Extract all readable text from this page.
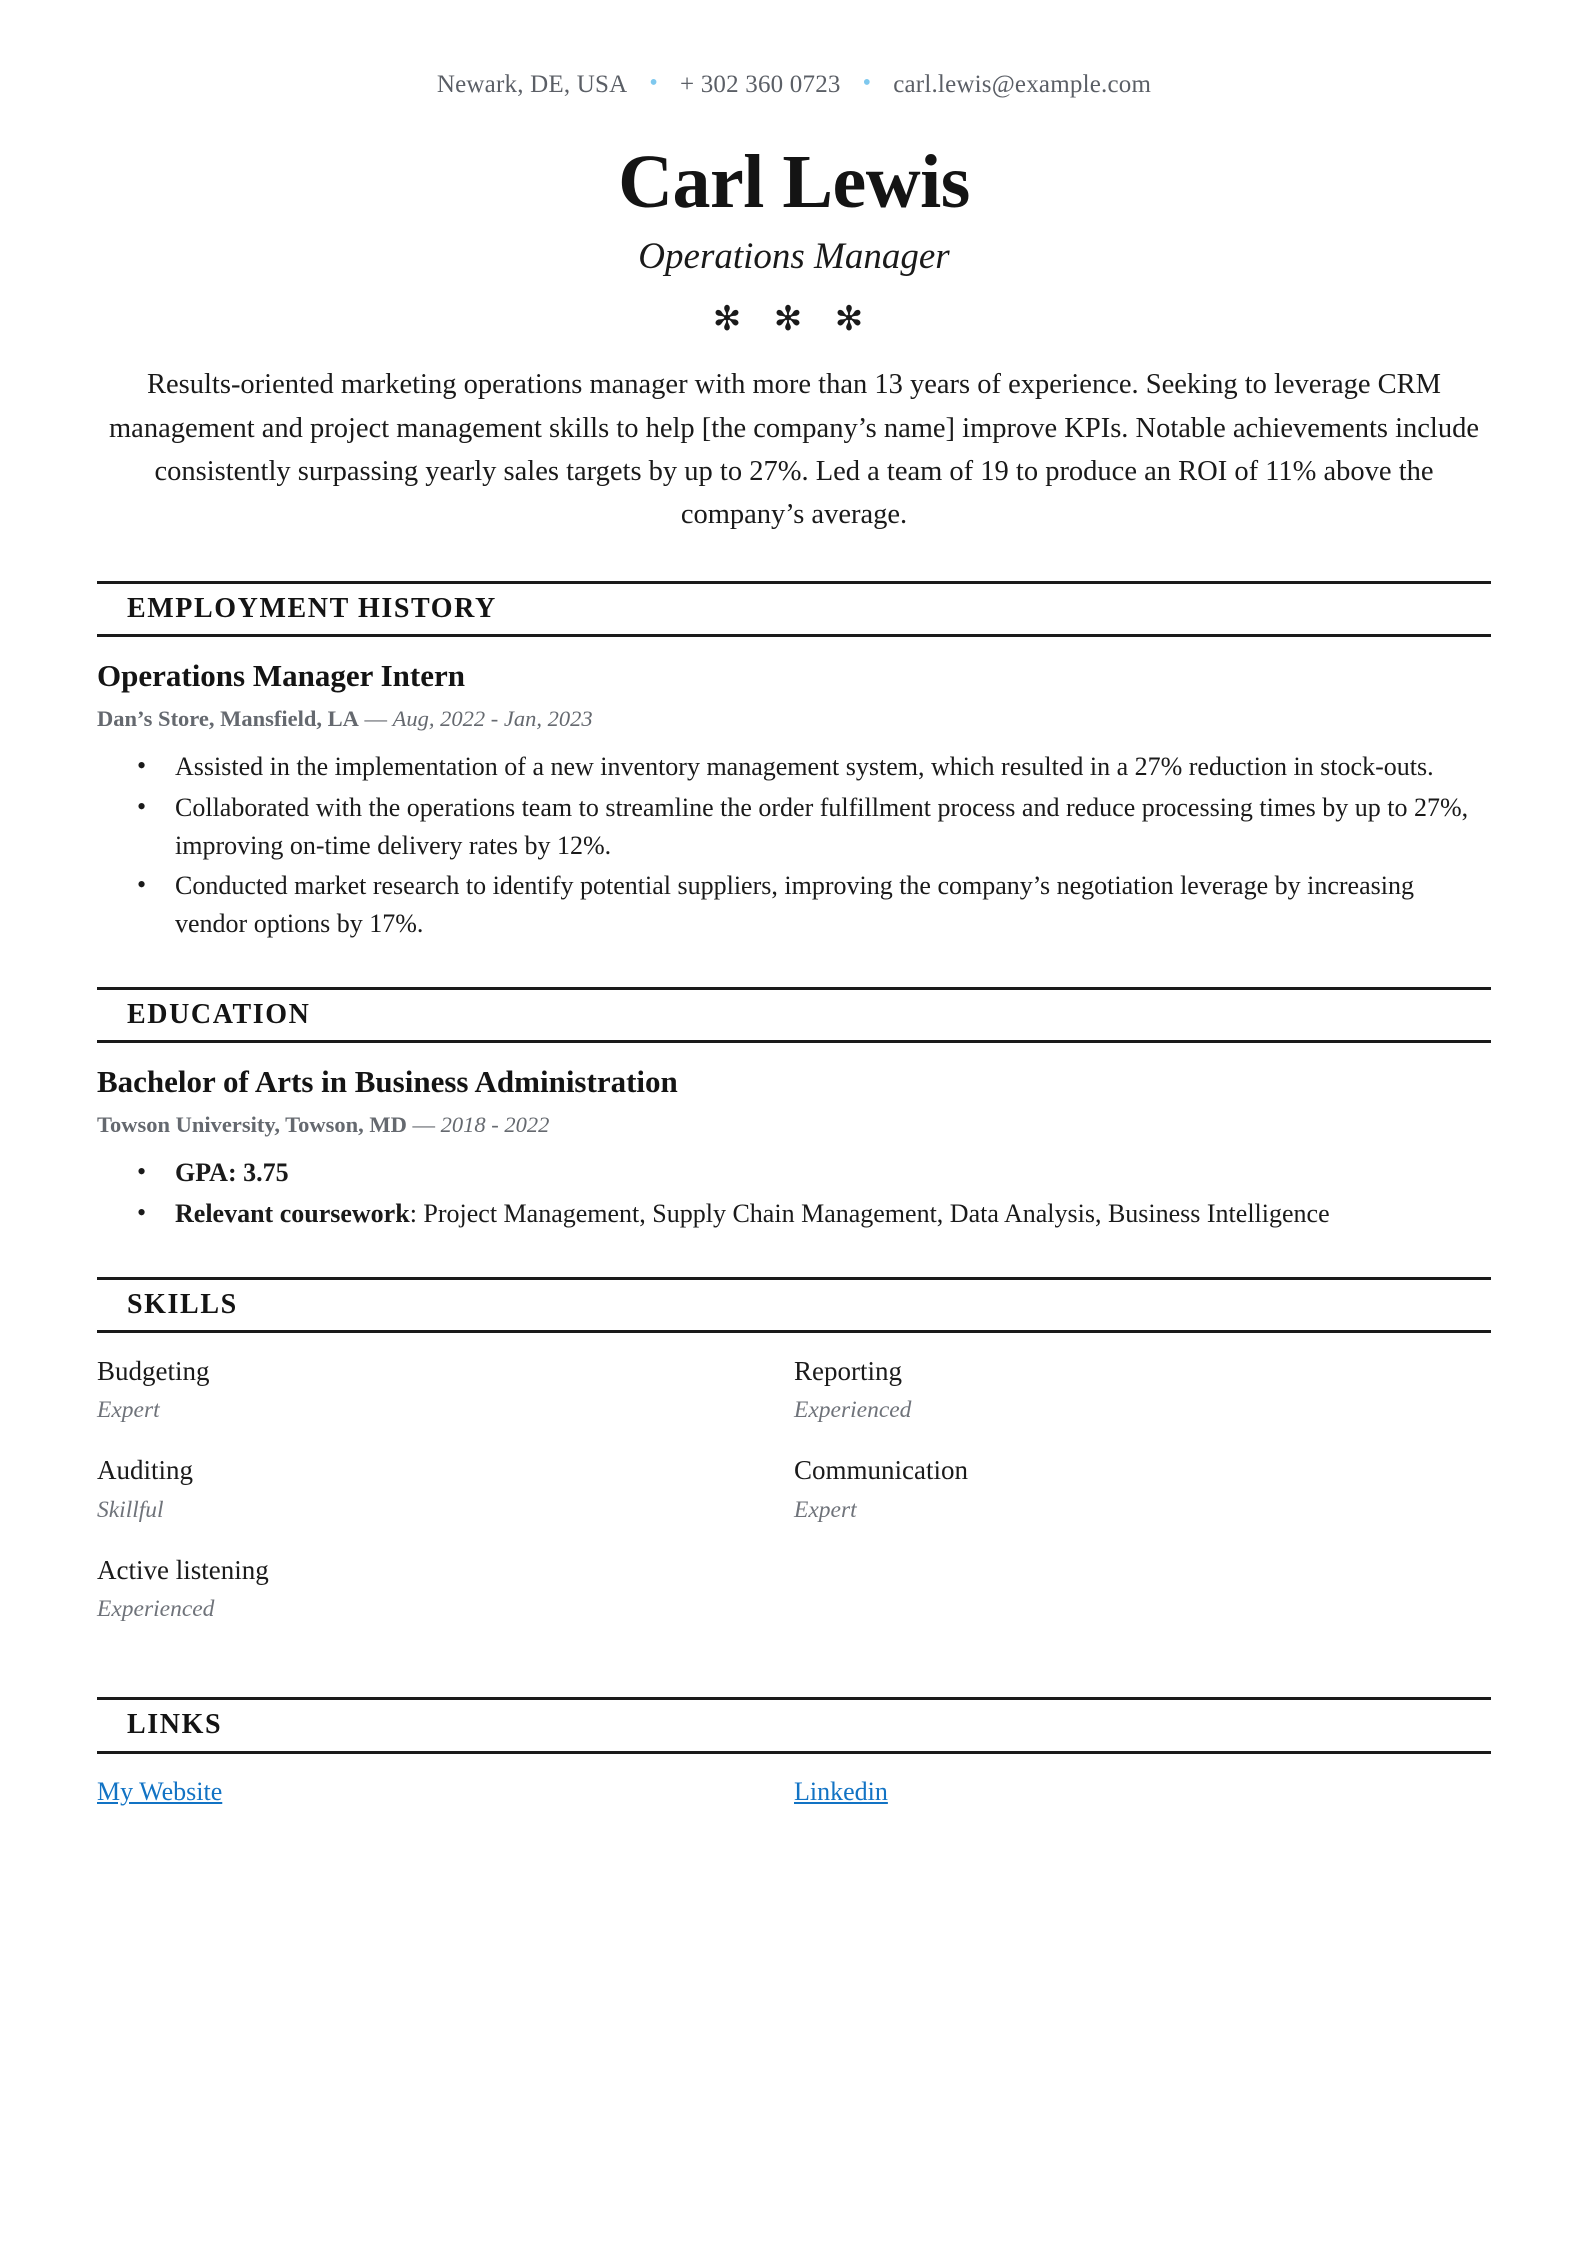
Newark, DE, USA • + 302 360 0723 • carl.lewis@example.com
Carl Lewis
Operations Manager
✻ ✻ ✻
Results-oriented marketing operations manager with more than 13 years of experience. Seeking to leverage CRM management and project management skills to help [the company’s name] improve KPIs. Notable achievements include consistently surpassing yearly sales targets by up to 27%. Led a team of 19 to produce an ROI of 11% above the company’s average.
EMPLOYMENT HISTORY
Operations Manager Intern
Dan’s Store, Mansfield, LA — Aug, 2022 - Jan, 2023
• Assisted in the implementation of a new inventory management system, which resulted in a 27% reduction in stock-outs.
• Collaborated with the operations team to streamline the order fulfillment process and reduce processing times by up to 27%, improving on-time delivery rates by 12%.
• Conducted market research to identify potential suppliers, improving the company’s negotiation leverage by increasing vendor options by 17%.
EDUCATION
Bachelor of Arts in Business Administration
Towson University, Towson, MD — 2018 - 2022
• GPA: 3.75
• Relevant coursework: Project Management, Supply Chain Management, Data Analysis, Business Intelligence
SKILLS
Budgeting
Expert
Reporting
Experienced
Auditing
Skillful
Communication
Expert
Active listening
Experienced
LINKS
My Website	Linkedin
